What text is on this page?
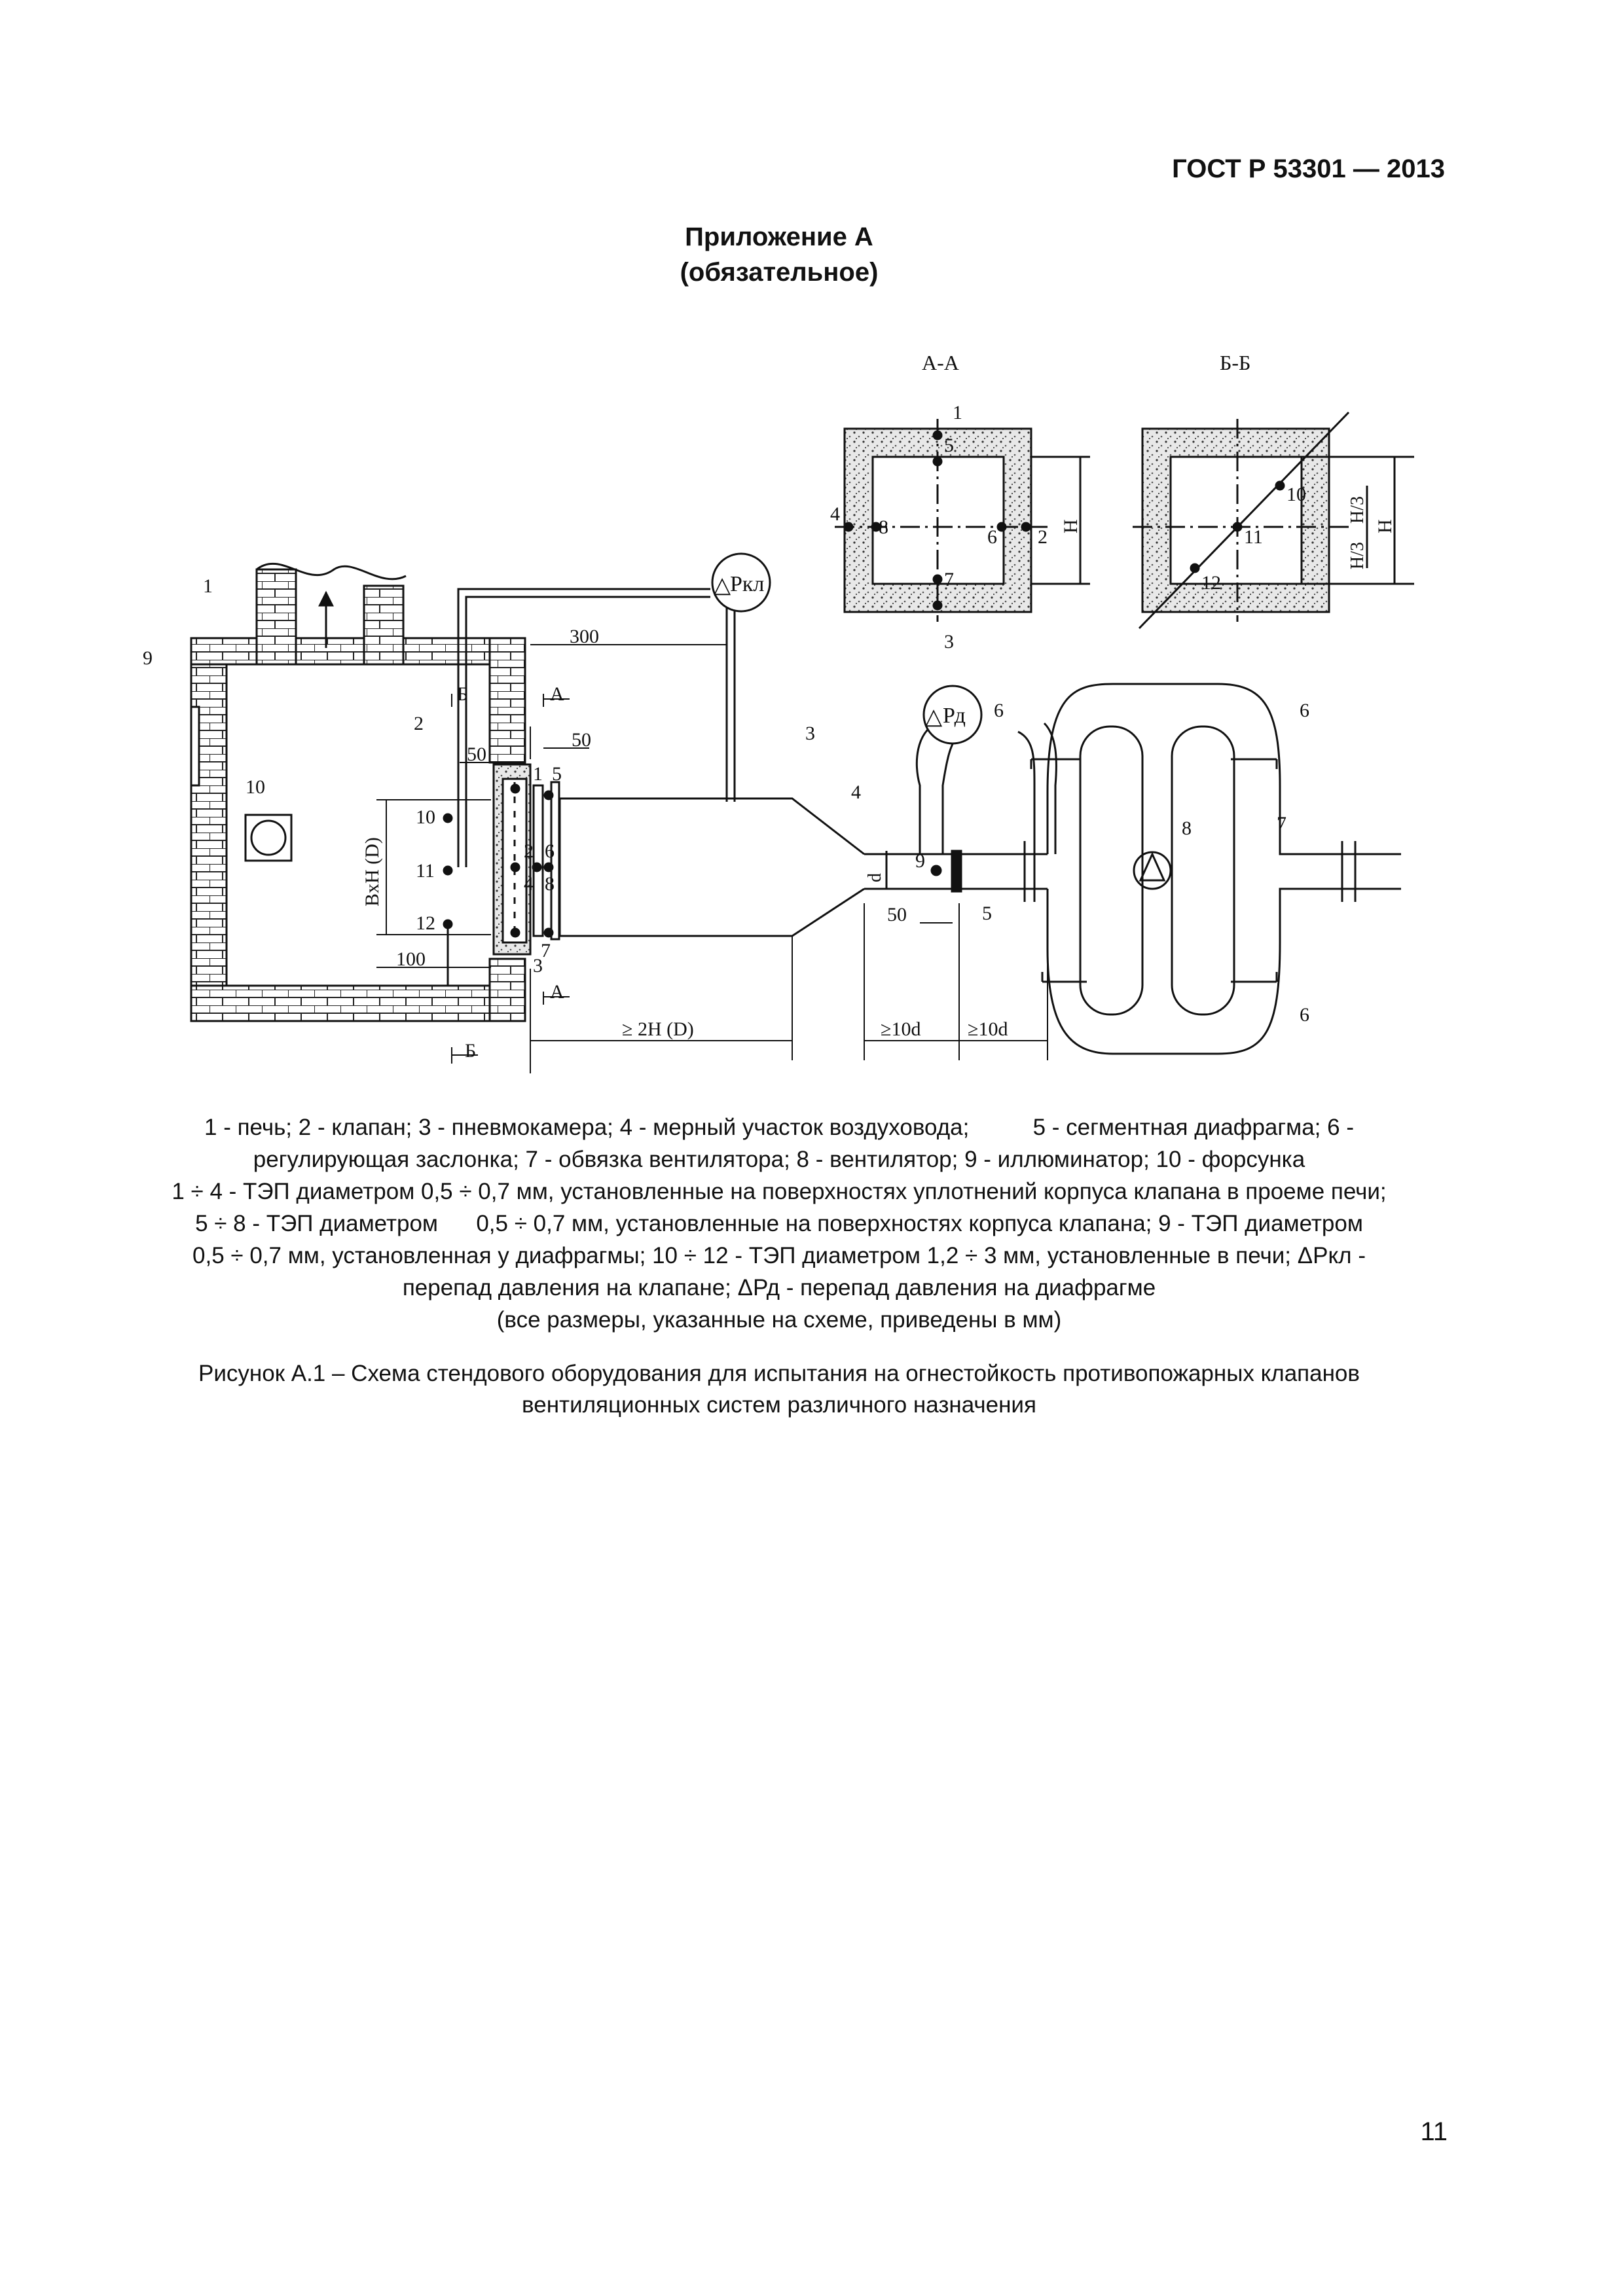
ГОСТ Р 53301 — 2013
Приложение А
(обязательное)
△
Ркл
△ Рд
А-А	Б-Б
300
50
50
100
50
≥ 2H (D)	≥10d ≥10d
BxH (D)	d
H	H
H/3
H/3
А
А
Б
Б
1
2	3
4
5
6	6
6
7
8
9
9
10
10
11
12
1 5
2 6
4 8
7
3
1
5
4
8	6 2
7
3
10
11
12
1 - печь; 2 - клапан; 3 - пневмокамера; 4 - мерный участок воздуховода;          5 - сегментная диафрагма; 6 -
регулирующая заслонка; 7 - обвязка вентилятора; 8 - вентилятор; 9 - иллюминатор; 10 - форсунка
1 ÷ 4 - ТЭП диаметром 0,5 ÷ 0,7 мм, установленные на поверхностях уплотнений корпуса клапана в проеме печи;
5 ÷ 8 - ТЭП диаметром      0,5 ÷ 0,7 мм, установленные на поверхностях корпуса клапана; 9 - ТЭП диаметром
0,5 ÷ 0,7 мм, установленная у диафрагмы; 10 ÷ 12 - ТЭП диаметром 1,2 ÷ 3 мм, установленные в печи; ΔРкл -
перепад давления на клапане; ΔРд - перепад давления на диафрагме
(все размеры, указанные на схеме, приведены в мм)
Рисунок А.1 – Схема стендового оборудования для испытания на огнестойкость противопожарных клапанов
вентиляционных систем различного назначения
11
